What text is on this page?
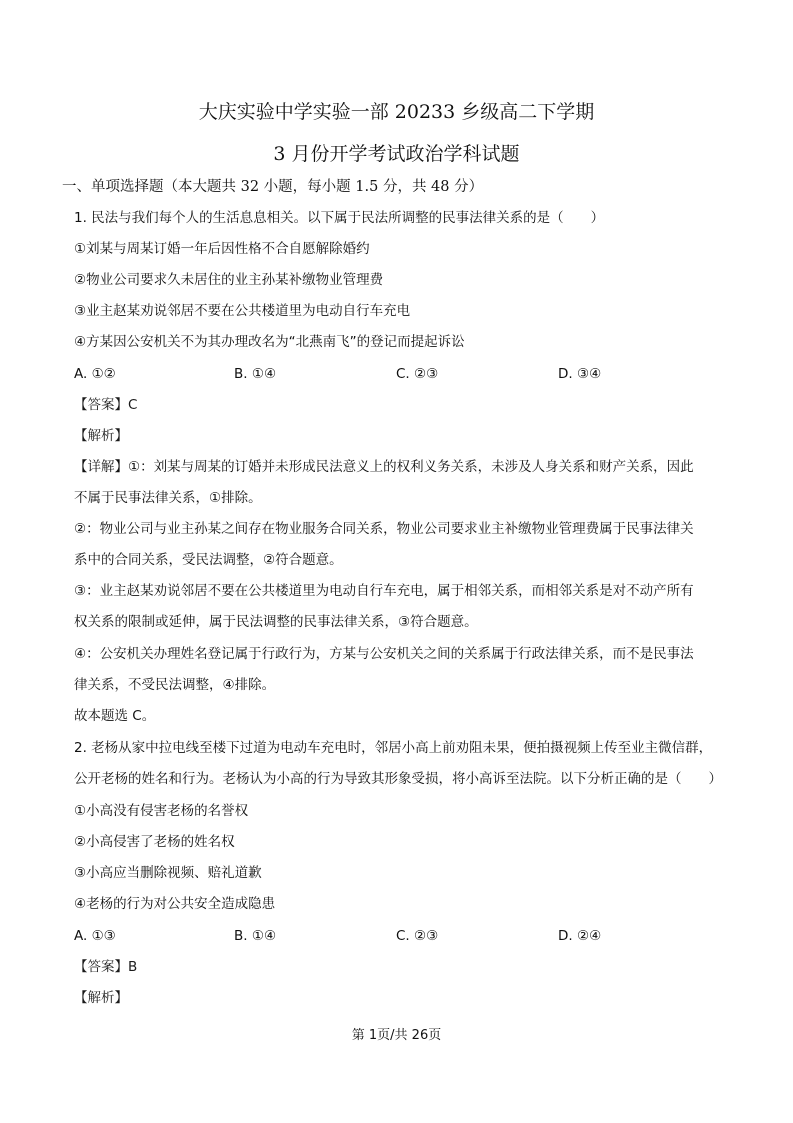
大庆实验中学实验一部 20233 乡级高二下学期
3 月份开学考试政治学科试题
一、单项选择题（本大题共 32 小题，每小题 1.5 分，共 48 分）
1. 民法与我们每个人的生活息息相关。以下属于民法所调整的民事法律关系的是（　　）
①刘某与周某订婚一年后因性格不合自愿解除婚约
②物业公司要求久未居住的业主孙某补缴物业管理费
③业主赵某劝说邻居不要在公共楼道里为电动自行车充电
④方某因公安机关不为其办理改名为“北燕南飞”的登记而提起诉讼
A. ①②	B. ①④	C. ②③	D. ③④
【答案】C
【解析】
【详解】①：刘某与周某的订婚并未形成民法意义上的权利义务关系，未涉及人身关系和财产关系，因此
不属于民事法律关系，①排除。
②：物业公司与业主孙某之间存在物业服务合同关系，物业公司要求业主补缴物业管理费属于民事法律关
系中的合同关系，受民法调整，②符合题意。
③：业主赵某劝说邻居不要在公共楼道里为电动自行车充电，属于相邻关系，而相邻关系是对不动产所有
权关系的限制或延伸，属于民法调整的民事法律关系，③符合题意。
④：公安机关办理姓名登记属于行政行为，方某与公安机关之间的关系属于行政法律关系，而不是民事法
律关系，不受民法调整，④排除。
故本题选 C。
2. 老杨从家中拉电线至楼下过道为电动车充电时，邻居小高上前劝阻未果，便拍摄视频上传至业主微信群，
公开老杨的姓名和行为。老杨认为小高的行为导致其形象受损，将小高诉至法院。以下分析正确的是（　　）
①小高没有侵害老杨的名誉权
②小高侵害了老杨的姓名权
③小高应当删除视频、赔礼道歉
④老杨的行为对公共安全造成隐患
A. ①③	B. ①④	C. ②③	D. ②④
【答案】B
【解析】
第 1页/共 26页
